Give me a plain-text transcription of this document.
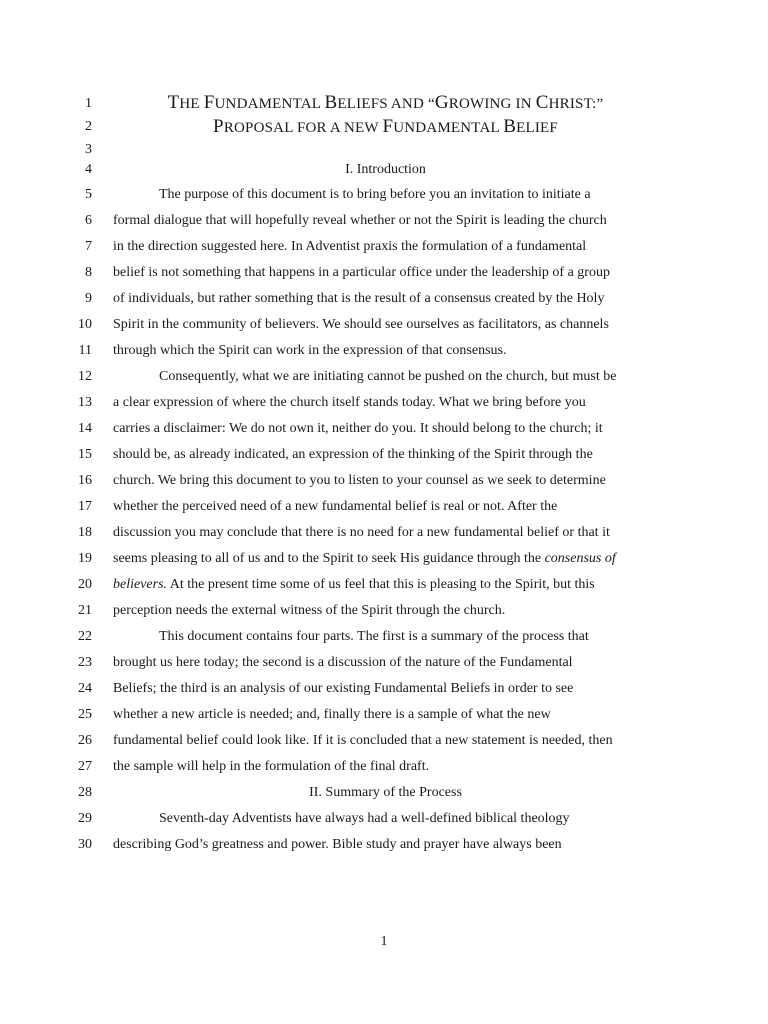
1
2
3
4
5
6
7
8
9
10
11
12
13
14
15
16
17
18
19
20
21
22
23
24
25
26
27
28
29
30
THE FUNDAMENTAL BELIEFS AND “GROWING IN CHRIST:”
PROPOSAL FOR A NEW FUNDAMENTAL BELIEF
I. Introduction
The purpose of this document is to bring before you an invitation to initiate a
formal dialogue that will hopefully reveal whether or not the Spirit is leading the church
in the direction suggested here. In Adventist praxis the formulation of a fundamental
belief is not something that happens in a particular office under the leadership of a group
of individuals, but rather something that is the result of a consensus created by the Holy
Spirit in the community of believers. We should see ourselves as facilitators, as channels
through which the Spirit can work in the expression of that consensus.
Consequently, what we are initiating cannot be pushed on the church, but must be
a clear expression of where the church itself stands today. What we bring before you
carries a disclaimer: We do not own it, neither do you. It should belong to the church; it
should be, as already indicated, an expression of the thinking of the Spirit through the
church. We bring this document to you to listen to your counsel as we seek to determine
whether the perceived need of a new fundamental belief is real or not. After the
discussion you may conclude that there is no need for a new fundamental belief or that it
seems pleasing to all of us and to the Spirit to seek His guidance through the consensus of
believers. At the present time some of us feel that this is pleasing to the Spirit, but this
perception needs the external witness of the Spirit through the church.
This document contains four parts. The first is a summary of the process that
brought us here today; the second is a discussion of the nature of the Fundamental
Beliefs; the third is an analysis of our existing Fundamental Beliefs in order to see
whether a new article is needed; and, finally there is a sample of what the new
fundamental belief could look like. If it is concluded that a new statement is needed, then
the sample will help in the formulation of the final draft.
II. Summary of the Process
Seventh-day Adventists have always had a well-defined biblical theology
describing God’s greatness and power. Bible study and prayer have always been
1
